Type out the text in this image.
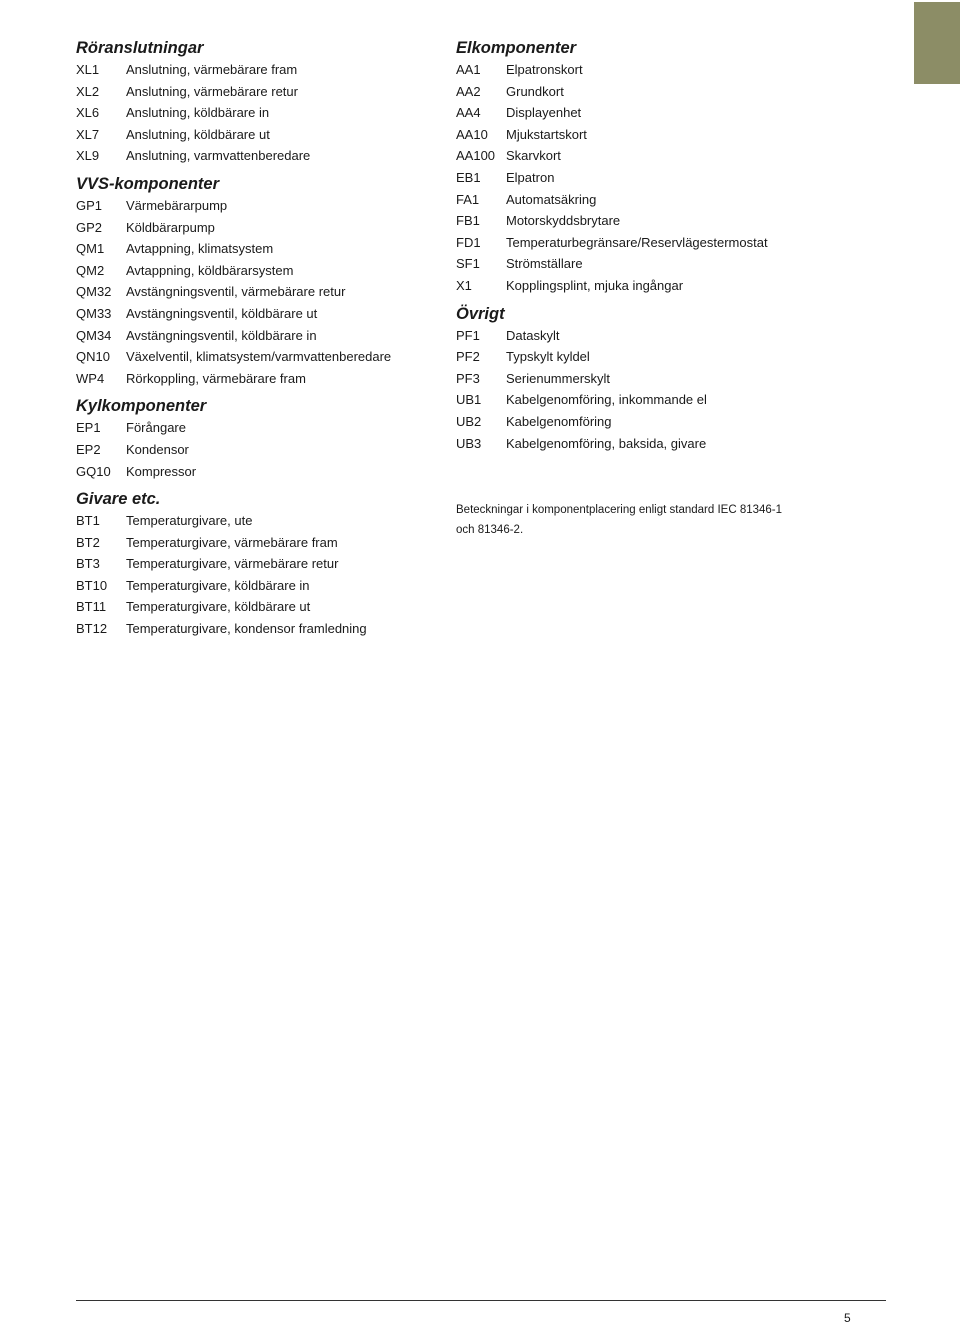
Röranslutningar
XL1	Anslutning, värmebärare fram
XL2	Anslutning, värmebärare retur
XL6	Anslutning, köldbärare in
XL7	Anslutning, köldbärare ut
XL9	Anslutning, varmvattenberedare
VVS-komponenter
GP1	Värmebärarpump
GP2	Köldbärarpump
QM1	Avtappning, klimatsystem
QM2	Avtappning, köldbärarsystem
QM32	Avstängningsventil, värmebärare retur
QM33	Avstängningsventil, köldbärare ut
QM34	Avstängningsventil, köldbärare in
QN10	Växelventil, klimatsystem/varmvattenberedare
WP4	Rörkoppling, värmebärare fram
Kylkomponenter
EP1	Förångare
EP2	Kondensor
GQ10	Kompressor
Givare etc.
BT1	Temperaturgivare, ute
BT2	Temperaturgivare, värmebärare fram
BT3	Temperaturgivare, värmebärare retur
BT10	Temperaturgivare, köldbärare in
BT11	Temperaturgivare, köldbärare ut
BT12	Temperaturgivare, kondensor framledning
Elkomponenter
AA1	Elpatronskort
AA2	Grundkort
AA4	Displayenhet
AA10	Mjukstartskort
AA100 Skarvkort
EB1	Elpatron
FA1	Automatsäkring
FB1	Motorskyddsbrytare
FD1	Temperaturbegränsare/Reservlägestermostat
SF1	Strömställare
X1	Kopplingsplint, mjuka ingångar
Övrigt
PF1	Dataskylt
PF2	Typskylt kyldel
PF3	Serienummerskylt
UB1	Kabelgenomföring, inkommande el
UB2	Kabelgenomföring
UB3	Kabelgenomföring, baksida, givare
Beteckningar i komponentplacering enligt standard IEC 81346-1
och 81346-2.
5
